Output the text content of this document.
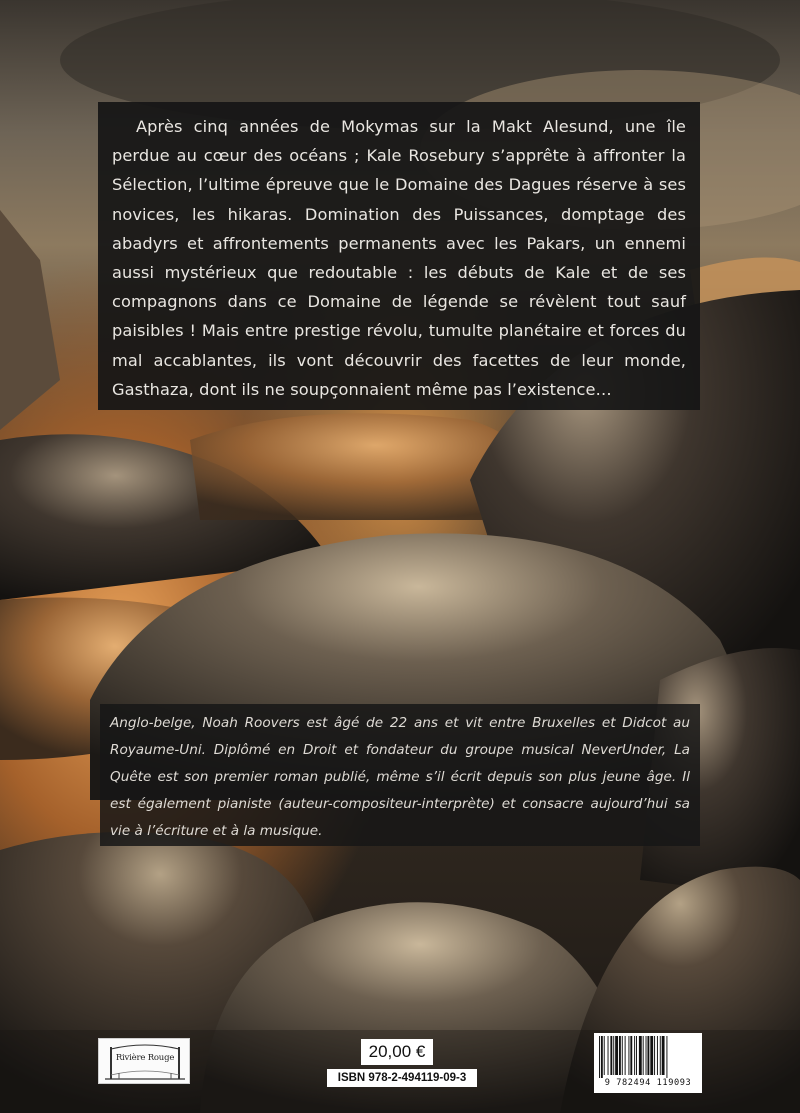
Après cinq années de Mokymas sur la Makt Alesund, une île perdue au cœur des océans ; Kale Rosebury s’apprête à affronter la Sélection, l’ultime épreuve que le Domaine des Dagues réserve à ses novices, les hikaras. Domination des Puissances, domptage des abadyrs et affrontements permanents avec les Pakars, un ennemi aussi mystérieux que redoutable : les débuts de Kale et de ses compagnons dans ce Domaine de légende se révèlent tout sauf paisibles ! Mais entre prestige révolu, tumulte planétaire et forces du mal accablantes, ils vont découvrir des facettes de leur monde, Gasthaza, dont ils ne soupçonnaient même pas l’existence…
Anglo-belge, Noah Roovers est âgé de 22 ans et vit entre Bruxelles et Didcot au Royaume-Uni. Diplômé en Droit et fondateur du groupe musical NeverUnder, La Quête est son premier roman publié, même s’il écrit depuis son plus jeune âge. Il est également pianiste (auteur-compositeur-interprète) et consacre aujourd’hui sa vie à l’écriture et à la musique.
Rivière Rouge	20,00 €
ISBN 978-2-494119-09-3	9 782494 119093
